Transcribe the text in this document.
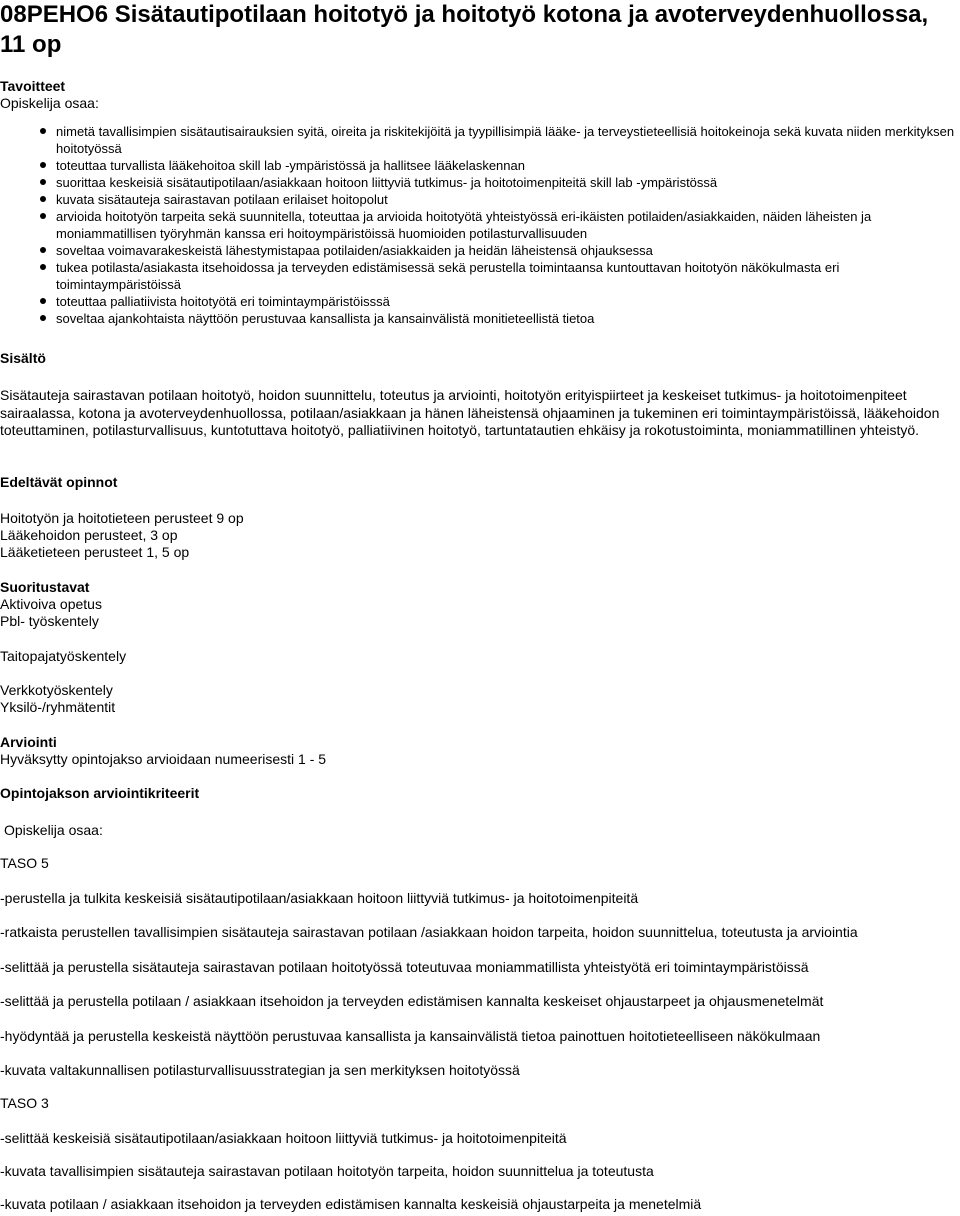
08PEHO6 Sisätautipotilaan hoitotyö ja hoitotyö kotona ja avoterveydenhuollossa, 11 op
Tavoitteet
Opiskelija osaa:
nimetä tavallisimpien sisätautisairauksien syitä, oireita ja riskitekijöitä ja tyypillisimpiä lääke- ja terveystieteellisiä hoitokeinoja sekä kuvata niiden merkityksen hoitotyössä
toteuttaa turvallista lääkehoitoa skill lab -ympäristössä ja hallitsee lääkelaskennan
suorittaa keskeisiä sisätautipotilaan/asiakkaan hoitoon liittyviä tutkimus- ja hoitotoimenpiteitä skill lab -ympäristössä
kuvata sisätauteja sairastavan potilaan erilaiset hoitopolut
arvioida hoitotyön tarpeita sekä suunnitella, toteuttaa ja arvioida hoitotyötä yhteistyössä eri-ikäisten potilaiden/asiakkaiden, näiden läheisten ja moniammatillisen työryhmän kanssa eri hoitoympäristöissä huomioiden potilasturvallisuuden
soveltaa voimavarakeskeistä lähestymistapaa potilaiden/asiakkaiden ja heidän läheistensä ohjauksessa
tukea potilasta/asiakasta itsehoidossa ja terveyden edistämisessä sekä perustella toimintaansa kuntouttavan hoitotyön näkökulmasta eri toimintaympäristöissä
toteuttaa palliatiivista hoitotyötä eri toimintaympäristöisssä
soveltaa ajankohtaista näyttöön perustuvaa kansallista ja kansainvälistä monitieteellistä tietoa
Sisältö

Sisätauteja sairastavan potilaan hoitotyö, hoidon suunnittelu, toteutus ja arviointi, hoitotyön erityispiirteet ja keskeiset tutkimus- ja hoitotoimenpiteet sairaalassa, kotona ja avoterveydenhuollossa, potilaan/asiakkaan ja hänen läheistensä ohjaaminen ja tukeminen eri toimintaympäristöissä, lääkehoidon toteuttaminen, potilasturvallisuus, kuntotuttava hoitotyö, palliatiivinen hoitotyö, tartuntatautien ehkäisy ja rokotustoiminta, moniammatillinen yhteistyö.

Edeltävät opinnot
Hoitotyön ja hoitotieteen perusteet 9 op
Lääkehoidon perusteet, 3 op
Lääketieteen perusteet 1, 5 op
Suoritustavat
Aktivoiva opetus
Pbl- työskentely
Taitopajatyöskentely
Verkkotyöskentely
Yksilö-/ryhmätentit
Arviointi
Hyväksytty opintojakso arvioidaan numeerisesti 1 - 5
Opintojakson arviointikriteerit
Opiskelija osaa:
TASO 5
-perustella ja tulkita keskeisiä sisätautipotilaan/asiakkaan hoitoon liittyviä tutkimus- ja hoitotoimenpiteitä
-ratkaista perustellen tavallisimpien sisätauteja sairastavan potilaan /asiakkaan hoidon tarpeita, hoidon suunnittelua, toteutusta ja arviointia
-selittää ja perustella sisätauteja sairastavan potilaan hoitotyössä toteutuvaa moniammatillista yhteistyötä eri toimintaympäristöissä
-selittää ja perustella potilaan / asiakkaan itsehoidon ja terveyden edistämisen kannalta keskeiset ohjaustarpeet ja ohjausmenetelmät
-hyödyntää ja perustella keskeistä näyttöön perustuvaa kansallista ja kansainvälistä tietoa painottuen hoitotieteelliseen näkökulmaan
-kuvata valtakunnallisen potilasturvallisuusstrategian ja sen merkityksen hoitotyössä
TASO 3
-selittää keskeisiä sisätautipotilaan/asiakkaan hoitoon liittyviä tutkimus- ja hoitotoimenpiteitä
-kuvata tavallisimpien sisätauteja sairastavan potilaan hoitotyön tarpeita, hoidon suunnittelua ja toteutusta
-kuvata potilaan / asiakkaan itsehoidon ja terveyden edistämisen kannalta keskeisiä ohjaustarpeita ja menetelmiä
